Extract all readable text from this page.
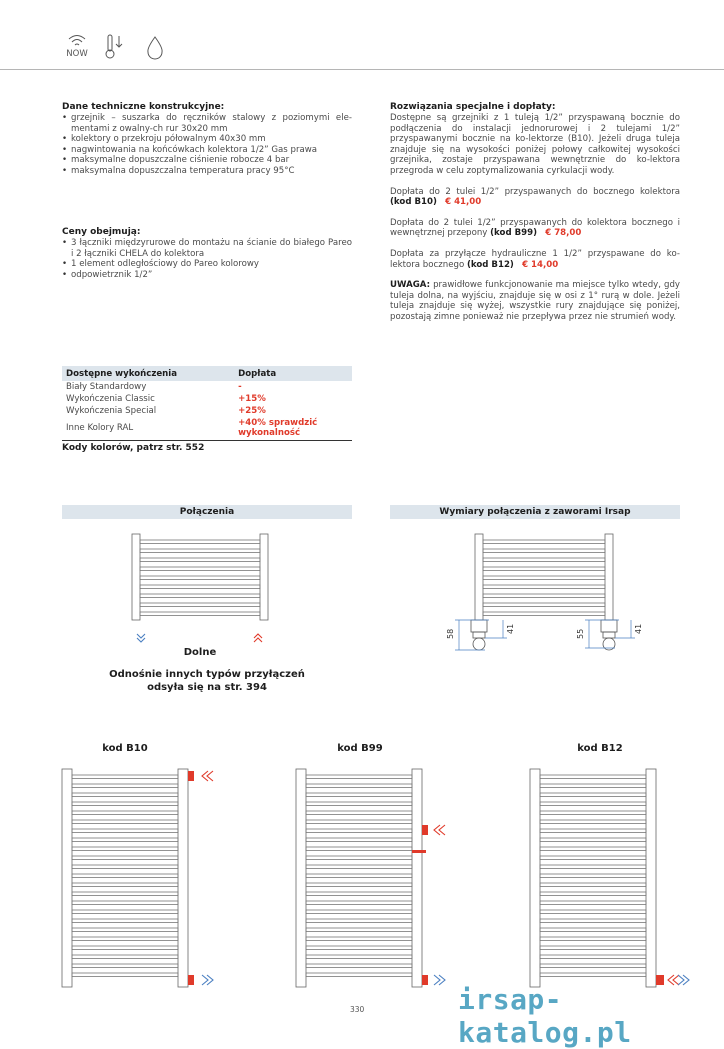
NOW
Dane techniczne konstrukcyjne:
• grzejnik – suszarka do ręczników stalowy z poziomymi ele-mentami z owalny-ch rur 30x20 mm
• kolektory o przekroju półowalnym 40x30 mm
• nagwintowania na końcówkach kolektora 1/2” Gas prawa
• maksymalne dopuszczalne ciśnienie robocze 4 bar
• maksymalna dopuszczalna temperatura pracy 95°C
Ceny obejmują:
• 3 łączniki międzyrurowe do montażu na ścianie do białego Pareo i 2 łączniki CHELA do kolektora
• 1 element odległościowy do Pareo kolorowy
• odpowietrznik 1/2”
Rozwiązania specjalne i dopłaty:
Dostępne są grzejniki z 1 tuleją 1/2” przyspawaną bocznie do podłączenia do instalacji jednorurowej i 2 tulejami 1/2” przyspawanymi bocznie na ko-lektorze (B10). Jeżeli druga tuleja znajduje się na wysokości poniżej połowy całkowitej wysokości grzejnika, zostaje przyspawana wewnętrznie do ko-lektora przegroda w celu zoptymalizowania cyrkulacji wody.
Dopłata do 2 tulei 1/2” przyspawanych do bocznego kolektora (kod B10) € 41,00
Dopłata do 2 tulei 1/2” przyspawanych do kolektora bocznego i wewnętrznej przepony (kod B99) € 78,00
Dopłata za przyłącze hydrauliczne 1 1/2” przyspawane do ko-lektora bocznego (kod B12) € 14,00
UWAGA: prawidłowe funkcjonowanie ma miejsce tylko wtedy, gdy tuleja dolna, na wyjściu, znajduje się w osi z 1° rurą w dole. Jeżeli tuleja znajduje się wyżej, wszystkie rury znajdujące się poniżej, pozostają zimne ponieważ nie przepływa przez nie strumień wody.
Dostępne wykończenia	Dopłata
Biały Standardowy	-
Wykończenia Classic	+15%
Wykończenia Special	+25%
Inne Kolory RAL	+40% sprawdzić wykonalność
Kody kolorów, patrz str. 552
Połączenia	Wymiary połączenia z zaworami Irsap
Dolne
Odnośnie innych typów przyłączeń
odsyła się na str. 394
58	41	55	41
kod B10	kod B99	kod B12
330	irsap-katalog.pl
